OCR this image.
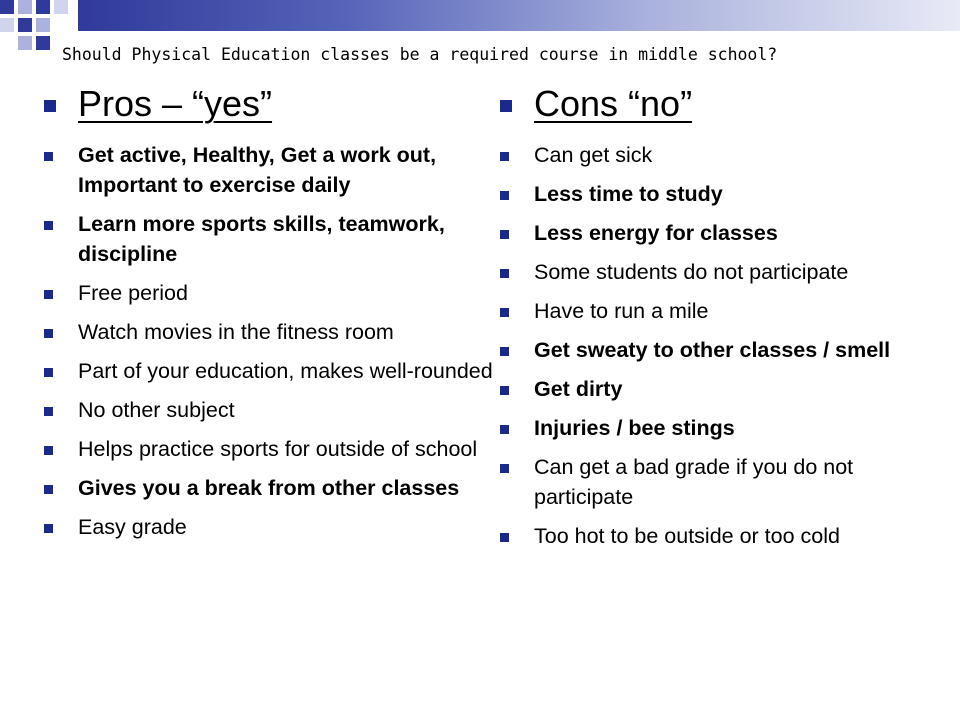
Should Physical Education classes be a required course in middle school?
Pros – “yes”
Get active, Healthy, Get a work out, Important to exercise daily
Learn more sports skills, teamwork, discipline
Free period
Watch movies in the fitness room
Part of your education, makes well-rounded
No other subject
Helps practice sports for outside of school
Gives you a break from other classes
Easy grade
Cons “no”
Can get sick
Less time to study
Less energy for classes
Some students do not participate
Have to run a mile
Get sweaty to other classes / smell
Get dirty
Injuries / bee stings
Can get a bad grade if you do not participate
Too hot to be outside or too cold
